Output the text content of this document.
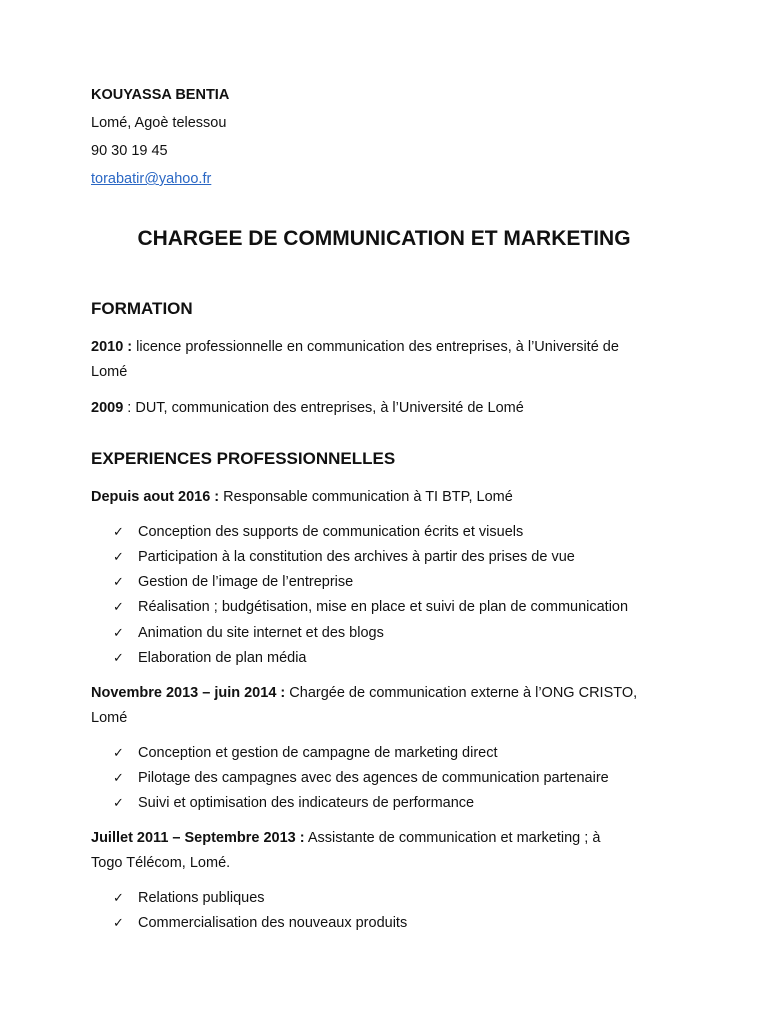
KOUYASSA BENTIA
Lomé, Agoè telessou
90 30 19 45
torabatir@yahoo.fr
CHARGEE DE COMMUNICATION ET MARKETING
FORMATION
2010 : licence professionnelle en communication des entreprises, à l’Université de
Lomé
2009 : DUT, communication des entreprises, à l’Université de Lomé
EXPERIENCES PROFESSIONNELLES
Depuis aout 2016 : Responsable communication à TI BTP, Lomé
✓ Conception des supports de communication écrits et visuels
✓ Participation à la constitution des archives à partir des prises de vue
✓ Gestion de l’image de l’entreprise
✓ Réalisation ; budgétisation, mise en place et suivi de plan de communication
✓ Animation du site internet et des blogs
✓ Elaboration de plan média
Novembre 2013 – juin 2014 : Chargée de communication externe à l’ONG CRISTO,
Lomé
✓ Conception et gestion de campagne de marketing direct
✓ Pilotage des campagnes avec des agences de communication partenaire
✓ Suivi et optimisation des indicateurs de performance
Juillet 2011 – Septembre 2013 : Assistante de communication et marketing ; à
Togo Télécom, Lomé.
✓ Relations publiques
✓ Commercialisation des nouveaux produits
